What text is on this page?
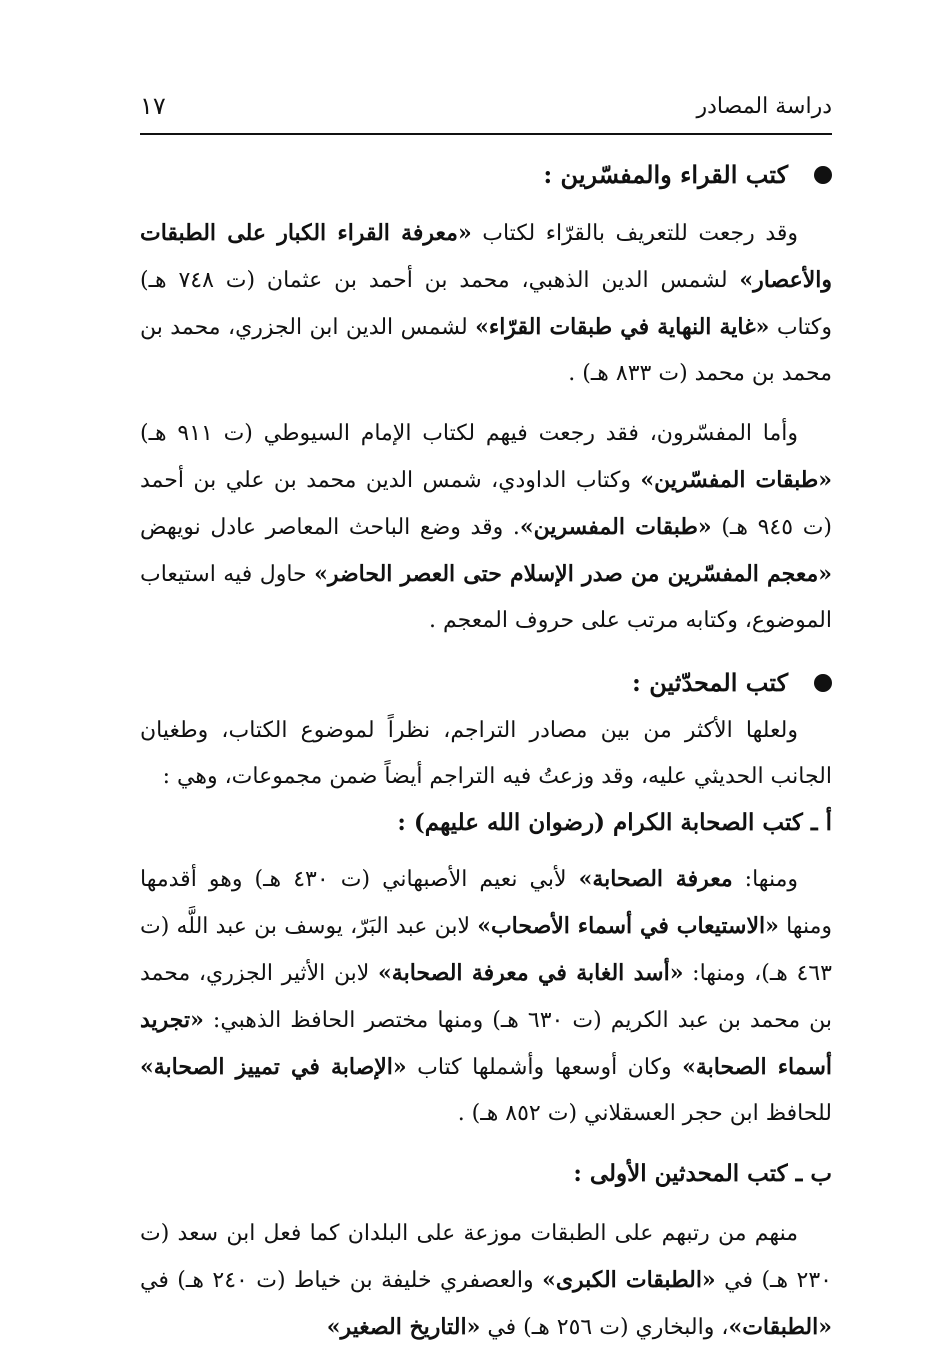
دراسة المصادر
١٧
كتب القراء والمفسّرين :

وقد رجعت للتعريف بالقرّاء لكتاب «معرفة القراء الكبار على الطبقات والأعصار» لشمس الدين الذهبي، محمد بن أحمد بن عثمان (ت ٧٤٨ هـ) وكتاب «غاية النهاية في طبقات القرّاء» لشمس الدين ابن الجزري، محمد بن محمد بن محمد (ت ٨٣٣ هـ) .

وأما المفسّرون، فقد رجعت فيهم لكتاب الإمام السيوطي (ت ٩١١ هـ) «طبقات المفسّرين» وكتاب الداودي، شمس الدين محمد بن علي بن أحمد (ت ٩٤٥ هـ) «طبقات المفسرين». وقد وضع الباحث المعاصر عادل نويهض «معجم المفسّرين من صدر الإسلام حتى العصر الحاضر» حاول فيه استيعاب الموضوع، وكتابه مرتب على حروف المعجم .

كتب المحدّثين :

ولعلها الأكثر من بين مصادر التراجم، نظراً لموضوع الكتاب، وطغيان الجانب الحديثي عليه، وقد وزعتُ فيه التراجم أيضاً ضمن مجموعات، وهي :

أ ـ كتب الصحابة الكرام (رضوان الله عليهم) :

ومنها: معرفة الصحابة» لأبي نعيم الأصبهاني (ت ٤٣٠ هـ) وهو أقدمها ومنها «الاستيعاب في أسماء الأصحاب» لابن عبد البَرّ، يوسف بن عبد اللَّه (ت ٤٦٣ هـ)، ومنها: «أسد الغابة في معرفة الصحابة» لابن الأثير الجزري، محمد بن محمد بن عبد الكريم (ت ٦٣٠ هـ) ومنها مختصر الحافظ الذهبي: «تجريد أسماء الصحابة» وكان أوسعها وأشملها كتاب «الإصابة في تمييز الصحابة» للحافظ ابن حجر العسقلاني (ت ٨٥٢ هـ) .

ب ـ كتب المحدثين الأولى :

منهم من رتبهم على الطبقات موزعة على البلدان كما فعل ابن سعد (ت ٢٣٠ هـ) في «الطبقات الكبرى» والعصفري خليفة بن خياط (ت ٢٤٠ هـ) في «الطبقات»، والبخاري (ت ٢٥٦ هـ) في «التاريخ الصغير»
